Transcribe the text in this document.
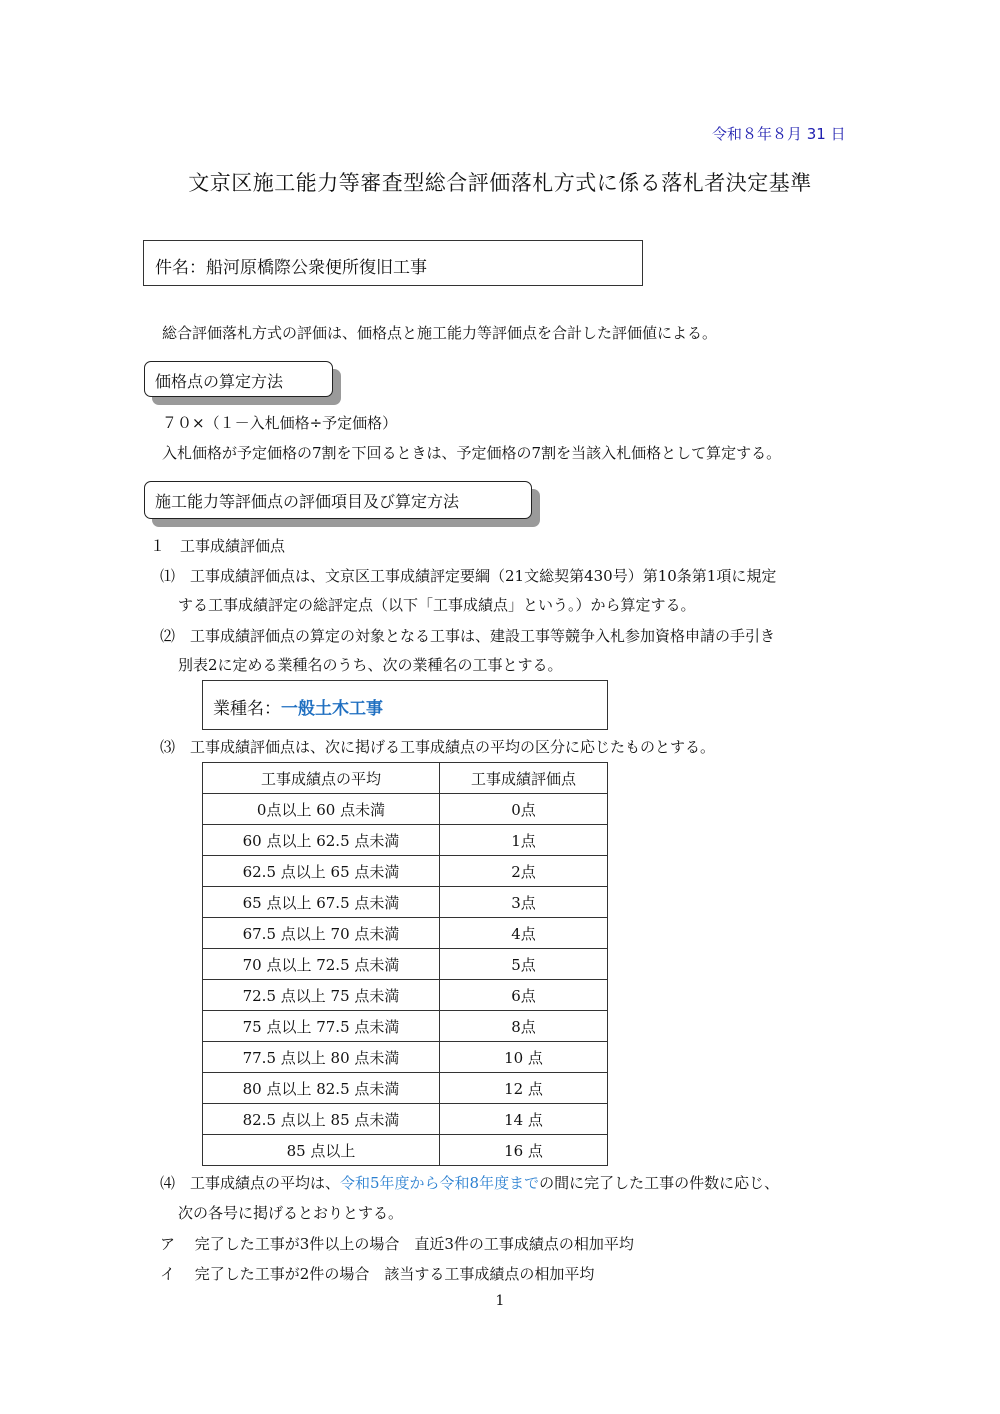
令和８年８月 31 日
文京区施工能力等審査型総合評価落札方式に係る落札者決定基準
件名：船河原橋際公衆便所復旧工事
総合評価落札方式の評価は、価格点と施工能力等評価点を合計した評価値による。
価格点の算定方法
７０×（１－入札価格÷予定価格）
入札価格が予定価格の7割を下回るときは、予定価格の7割を当該入札価格として算定する。
施工能力等評価点の評価項目及び算定方法
１　工事成績評価点
⑴　工事成績評価点は、文京区工事成績評定要綱（21文総契第430号）第10条第1項に規定
する工事成績評定の総評定点（以下「工事成績点」という。）から算定する。
⑵　工事成績評価点の算定の対象となる工事は、建設工事等競争入札参加資格申請の手引き
別表2に定める業種名のうち、次の業種名の工事とする。
業種名：一般土木工事
⑶　工事成績評価点は、次に掲げる工事成績点の平均の区分に応じたものとする。
工事成績点の平均	工事成績評価点
0点以上 60 点未満	0点
60 点以上 62.5 点未満	1点
62.5 点以上 65 点未満	2点
65 点以上 67.5 点未満	3点
67.5 点以上 70 点未満	4点
70 点以上 72.5 点未満	5点
72.5 点以上 75 点未満	6点
75 点以上 77.5 点未満	8点
77.5 点以上 80 点未満	10 点
80 点以上 82.5 点未満	12 点
82.5 点以上 85 点未満	14 点
85 点以上	16 点
⑷　工事成績点の平均は、令和5年度から令和8年度までの間に完了した工事の件数に応じ、
次の各号に掲げるとおりとする。
ア　 完了した工事が3件以上の場合　直近3件の工事成績点の相加平均
イ　 完了した工事が2件の場合　該当する工事成績点の相加平均
1
